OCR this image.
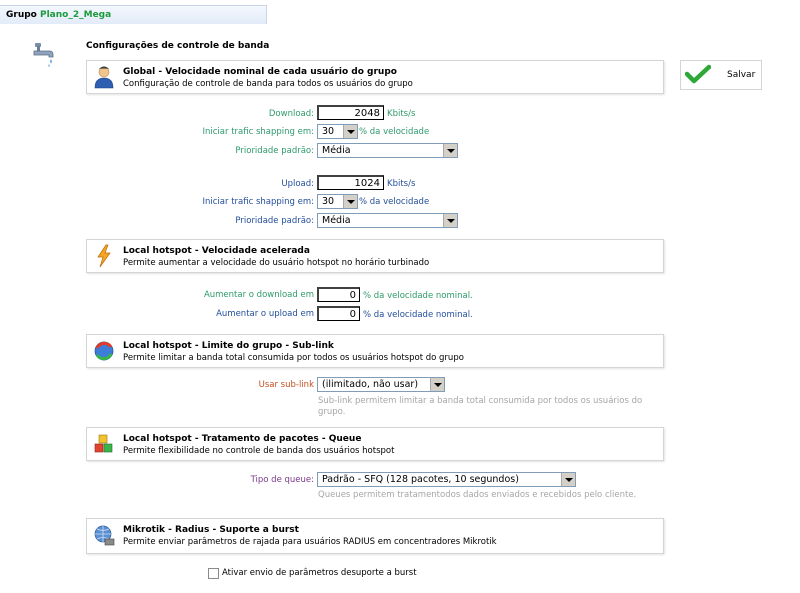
Grupo Plano_2_Mega
Configurações de controle de banda
Salvar
Global - Velocidade nominal de cada usuário do grupo
Configuração de controle de banda para todos os usuários do grupo
Download:	2048 Kbits/s
Iniciar trafic shapping em: 30	% da velocidade
Prioridade padrão: Média
Upload:	1024 Kbits/s
Iniciar trafic shapping em: 30	% da velocidade
Prioridade padrão: Média
Local hotspot - Velocidade acelerada
Permite aumentar a velocidade do usuário hotspot no horário turbinado
Aumentar o download em	0 % da velocidade nominal.
Aumentar o upload em	0 % da velocidade nominal.
Local hotspot - Limite do grupo - Sub-link
Permite limitar a banda total consumida por todos os usuários hotspot do grupo
Usar sub-link (ilimitado, não usar)
Sub-link permitem limitar a banda total consumida por todos os usuários do
grupo.
Local hotspot - Tratamento de pacotes - Queue
Permite flexibilidade no controle de banda dos usuários hotspot
Tipo de queue: Padrão - SFQ (128 pacotes, 10 segundos)
Queues permitem tratamentodos dados enviados e recebidos pelo cliente.
Mikrotik - Radius - Suporte a burst
Permite enviar parâmetros de rajada para usuários RADIUS em concentradores Mikrotik
Ativar envio de parâmetros desuporte a burst
